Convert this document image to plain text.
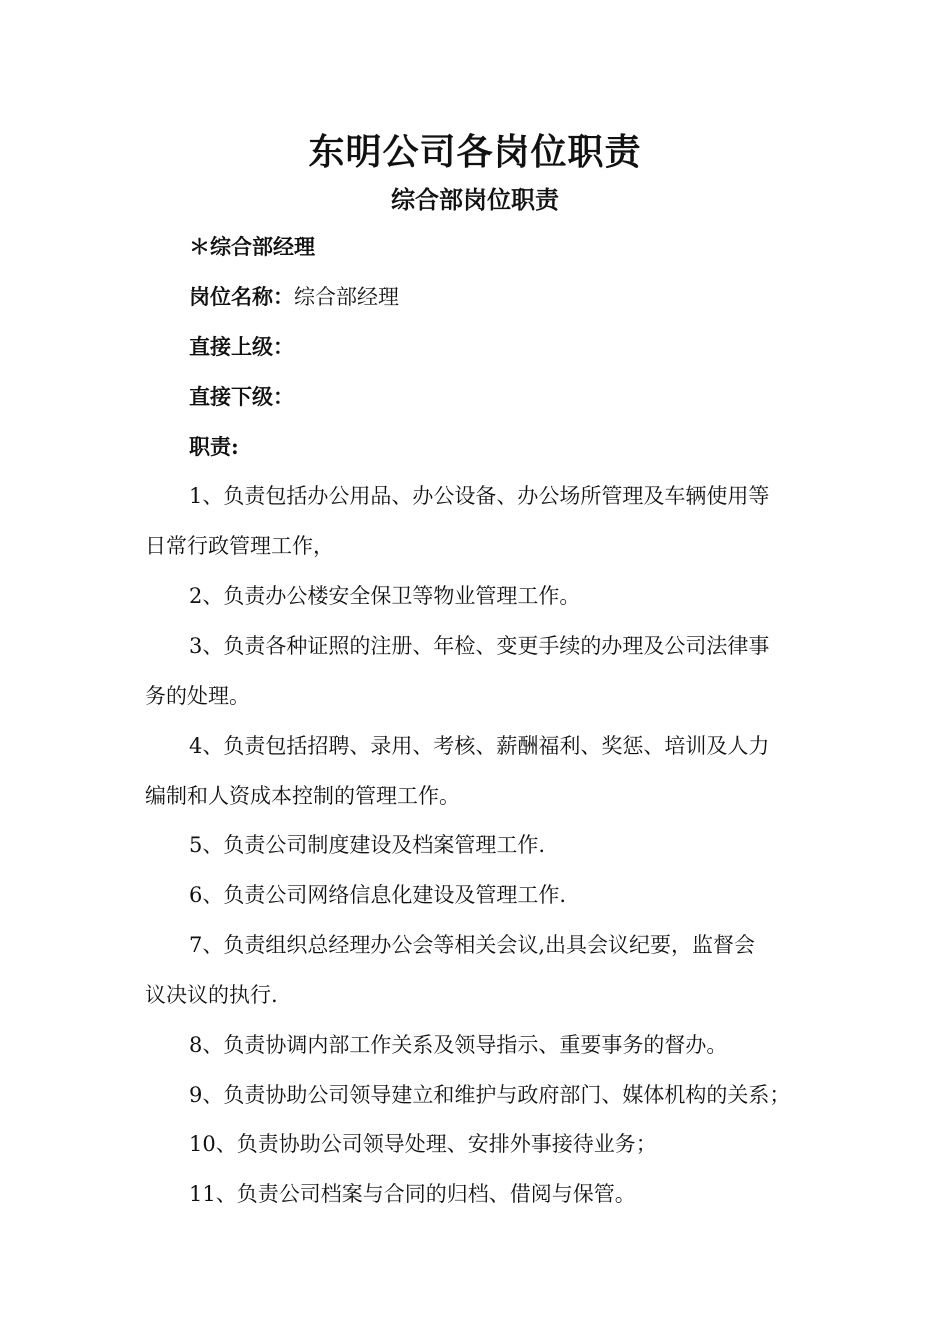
东明公司各岗位职责
综合部岗位职责
＊综合部经理
岗位名称：综合部经理
直接上级：
直接下级：
职责:
1、负责包括办公用品、办公设备、办公场所管理及车辆使用等
日常行政管理工作，
2、负责办公楼安全保卫等物业管理工作。
3、负责各种证照的注册、年检、变更手续的办理及公司法律事
务的处理。
4、负责包括招聘、录用、考核、薪酬福利、奖惩、培训及人力
编制和人资成本控制的管理工作。
5、负责公司制度建设及档案管理工作.
6、负责公司网络信息化建设及管理工作.
7、负责组织总经理办公会等相关会议,出具会议纪要，监督会
议决议的执行.
8、负责协调内部工作关系及领导指示、重要事务的督办。
9、负责协助公司领导建立和维护与政府部门、媒体机构的关系；
10、负责协助公司领导处理、安排外事接待业务；
11、负责公司档案与合同的归档、借阅与保管。
